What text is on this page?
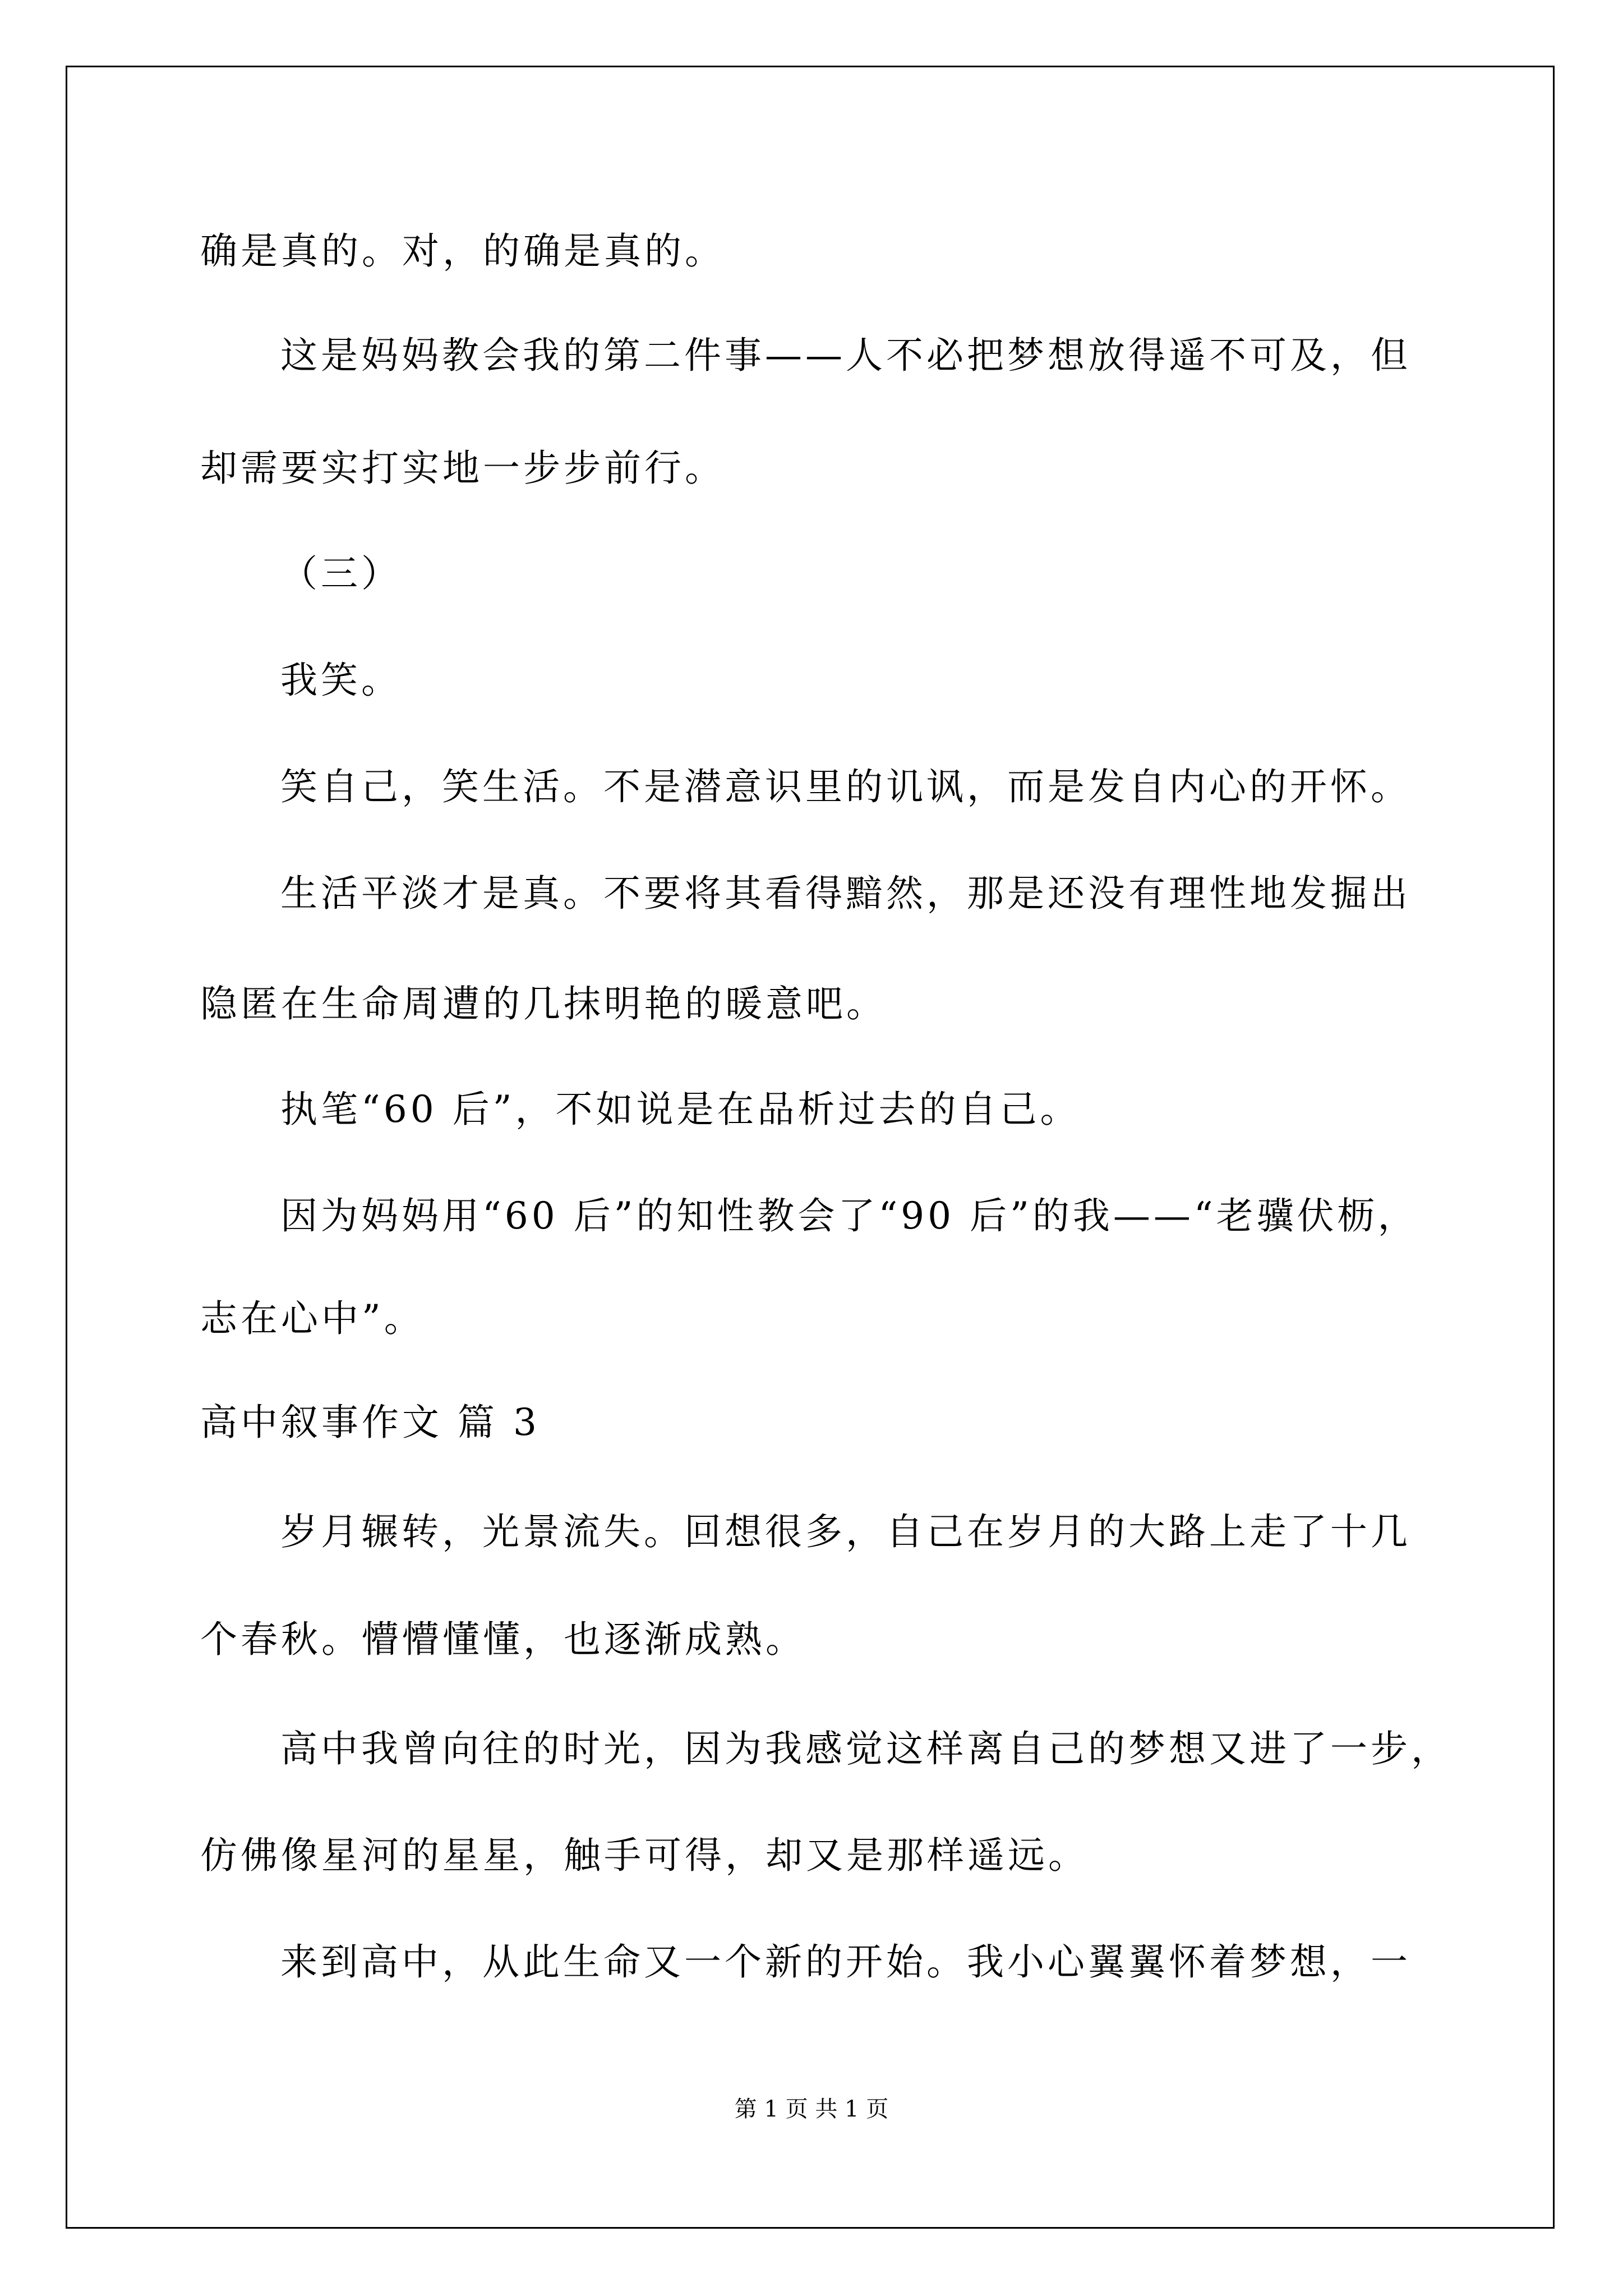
确是真的。对，的确是真的。
这是妈妈教会我的第二件事——人不必把梦想放得遥不可及，但
却需要实打实地一步步前行。
（三）
我笑。
笑自己，笑生活。不是潜意识里的讥讽，而是发自内心的开怀。
生活平淡才是真。不要将其看得黯然，那是还没有理性地发掘出
隐匿在生命周遭的几抹明艳的暖意吧。
执笔“60 后”，不如说是在品析过去的自己。
因为妈妈用“60 后”的知性教会了“90 后”的我——“老骥伏枥，
志在心中”。
高中叙事作文 篇 3
岁月辗转，光景流失。回想很多，自己在岁月的大路上走了十几
个春秋。懵懵懂懂，也逐渐成熟。
高中我曾向往的时光，因为我感觉这样离自己的梦想又进了一步，
仿佛像星河的星星，触手可得，却又是那样遥远。
来到高中，从此生命又一个新的开始。我小心翼翼怀着梦想，一
第 1 页 共 1 页
